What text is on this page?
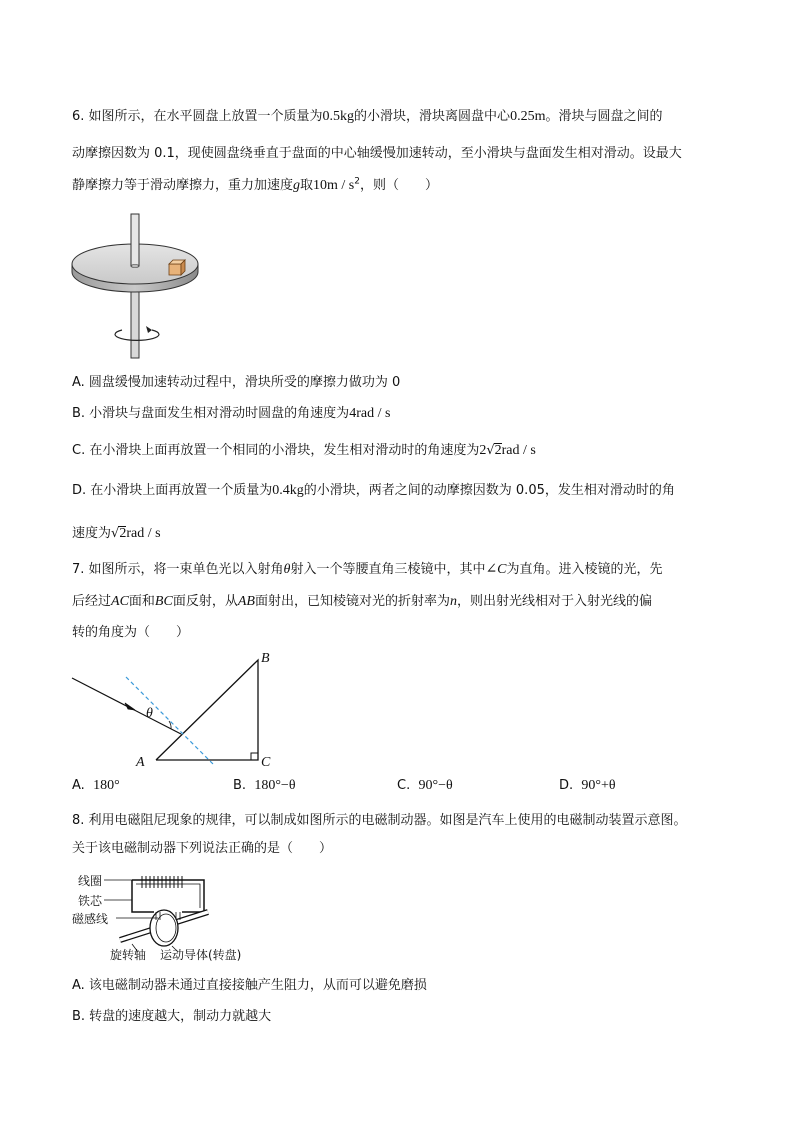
6. 如图所示，在水平圆盘上放置一个质量为0.5kg的小滑块，滑块离圆盘中心0.25m。滑块与圆盘之间的
动摩擦因数为 0.1，现使圆盘绕垂直于盘面的中心轴缓慢加速转动，至小滑块与盘面发生相对滑动。设最大
静摩擦力等于滑动摩擦力，重力加速度g取$10m / s^2$，则（　　）
A. 圆盘缓慢加速转动过程中，滑块所受的摩擦力做功为 0
B. 小滑块与盘面发生相对滑动时圆盘的角速度为4rad / s
C. 在小滑块上面再放置一个相同的小滑块，发生相对滑动时的角速度为2√2rad / s
D. 在小滑块上面再放置一个质量为0.4kg的小滑块，两者之间的动摩擦因数为 0.05，发生相对滑动时的角
速度为√2rad / s
7. 如图所示，将一束单色光以入射角θ射入一个等腰直角三棱镜中，其中∠C为直角。进入棱镜的光，先
后经过AC面和BC面反射，从AB面射出，已知棱镜对光的折射率为n，则出射光线相对于入射光线的偏
转的角度为（　　）
θ
B
A	C
A. 180°	B. 180°−θ	C. 90°−θ	D. 90°+θ
8. 利用电磁阻尼现象的规律，可以制成如图所示的电磁制动器。如图是汽车上使用的电磁制动装置示意图。
关于该电磁制动器下列说法正确的是（　　）
线圈
铁芯
磁感线
旋转轴 运动导体(转盘)
A. 该电磁制动器未通过直接接触产生阻力，从而可以避免磨损
B. 转盘的速度越大，制动力就越大
